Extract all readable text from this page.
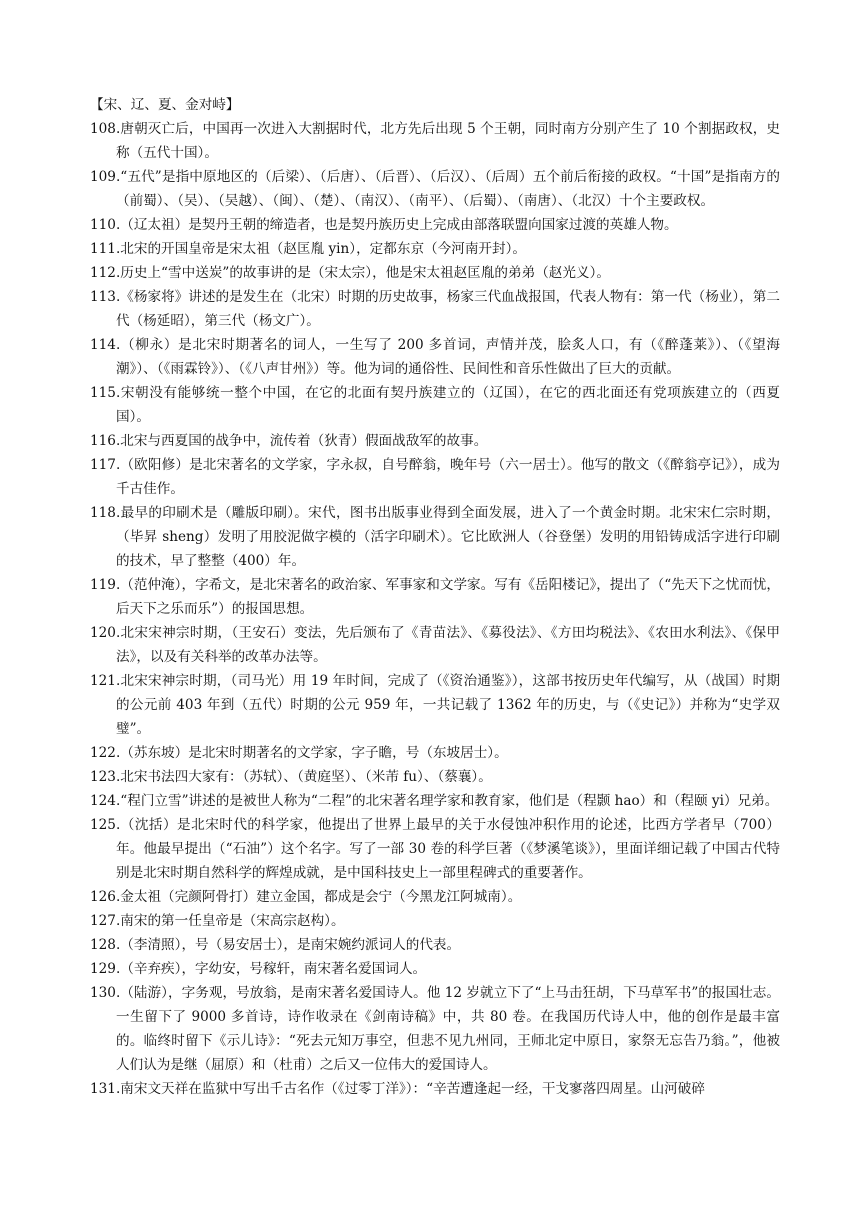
【宋、辽、夏、金对峙】
108.唐朝灭亡后，中国再一次进入大割据时代，北方先后出现 5 个王朝，同时南方分别产生了 10 个割据政权，史称（五代十国）。
109.“五代”是指中原地区的（后梁）、（后唐）、（后晋）、（后汉）、（后周）五个前后衔接的政权。“十国”是指南方的（前蜀）、（吴）、（吴越）、（闽）、（楚）、（南汉）、（南平）、（后蜀）、（南唐）、（北汉）十个主要政权。
110.（辽太祖）是契丹王朝的缔造者，也是契丹族历史上完成由部落联盟向国家过渡的英雄人物。
111.北宋的开国皇帝是宋太祖（赵匡胤 yin），定都东京（今河南开封）。
112.历史上“雪中送炭”的故事讲的是（宋太宗），他是宋太祖赵匡胤的弟弟（赵光义）。
113.《杨家将》讲述的是发生在（北宋）时期的历史故事，杨家三代血战报国，代表人物有：第一代（杨业），第二代（杨延昭），第三代（杨文广）。
114.（柳永）是北宋时期著名的词人，一生写了 200 多首词，声情并茂，脍炙人口，有（《醉蓬莱》）、（《望海潮》）、（《雨霖铃》）、（《八声甘州》）等。他为词的通俗性、民间性和音乐性做出了巨大的贡献。
115.宋朝没有能够统一整个中国，在它的北面有契丹族建立的（辽国），在它的西北面还有党项族建立的（西夏国）。
116.北宋与西夏国的战争中，流传着（狄青）假面战敌军的故事。
117.（欧阳修）是北宋著名的文学家，字永叔，自号醉翁，晚年号（六一居士）。他写的散文（《醉翁亭记》），成为千古佳作。
118.最早的印刷术是（雕版印刷）。宋代，图书出版事业得到全面发展，进入了一个黄金时期。北宋宋仁宗时期，（毕昇 sheng）发明了用胶泥做字模的（活字印刷术）。它比欧洲人（谷登堡）发明的用铅铸成活字进行印刷的技术，早了整整（400）年。
119.（范仲淹），字希文，是北宋著名的政治家、军事家和文学家。写有《岳阳楼记》，提出了（“先天下之忧而忧，后天下之乐而乐”）的报国思想。
120.北宋宋神宗时期，（王安石）变法，先后颁布了《青苗法》、《募役法》、《方田均税法》、《农田水利法》、《保甲法》，以及有关科举的改革办法等。
121.北宋宋神宗时期，（司马光）用 19 年时间，完成了（《资治通鉴》），这部书按历史年代编写，从（战国）时期的公元前 403 年到（五代）时期的公元 959 年，一共记载了 1362 年的历史，与（《史记》）并称为“史学双璧”。
122.（苏东坡）是北宋时期著名的文学家，字子瞻，号（东坡居士）。
123.北宋书法四大家有：（苏轼）、（黄庭坚）、（米芾 fu）、（蔡襄）。
124.“程门立雪”讲述的是被世人称为“二程”的北宋著名理学家和教育家，他们是（程颢 hao）和（程颐 yi）兄弟。
125.（沈括）是北宋时代的科学家，他提出了世界上最早的关于水侵蚀冲积作用的论述，比西方学者早（700）年。他最早提出（“石油”）这个名字。写了一部 30 卷的科学巨著（《梦溪笔谈》），里面详细记载了中国古代特别是北宋时期自然科学的辉煌成就，是中国科技史上一部里程碑式的重要著作。
126.金太祖（完颜阿骨打）建立金国，都成是会宁（今黑龙江阿城南）。
127.南宋的第一任皇帝是（宋高宗赵构）。
128.（李清照），号（易安居士），是南宋婉约派词人的代表。
129.（辛弃疾），字幼安，号稼轩，南宋著名爱国词人。
130.（陆游），字务观，号放翁，是南宋著名爱国诗人。他 12 岁就立下了“上马击狂胡，下马草军书”的报国壮志。一生留下了 9000 多首诗，诗作收录在《剑南诗稿》中，共 80 卷。在我国历代诗人中，他的创作是最丰富的。临终时留下《示儿诗》：“死去元知万事空，但悲不见九州同，王师北定中原日，家祭无忘告乃翁。”，他被人们认为是继（屈原）和（杜甫）之后又一位伟大的爱国诗人。
131.南宋文天祥在监狱中写出千古名作（《过零丁洋》）：“辛苦遭逢起一经，干戈寥落四周星。山河破碎
